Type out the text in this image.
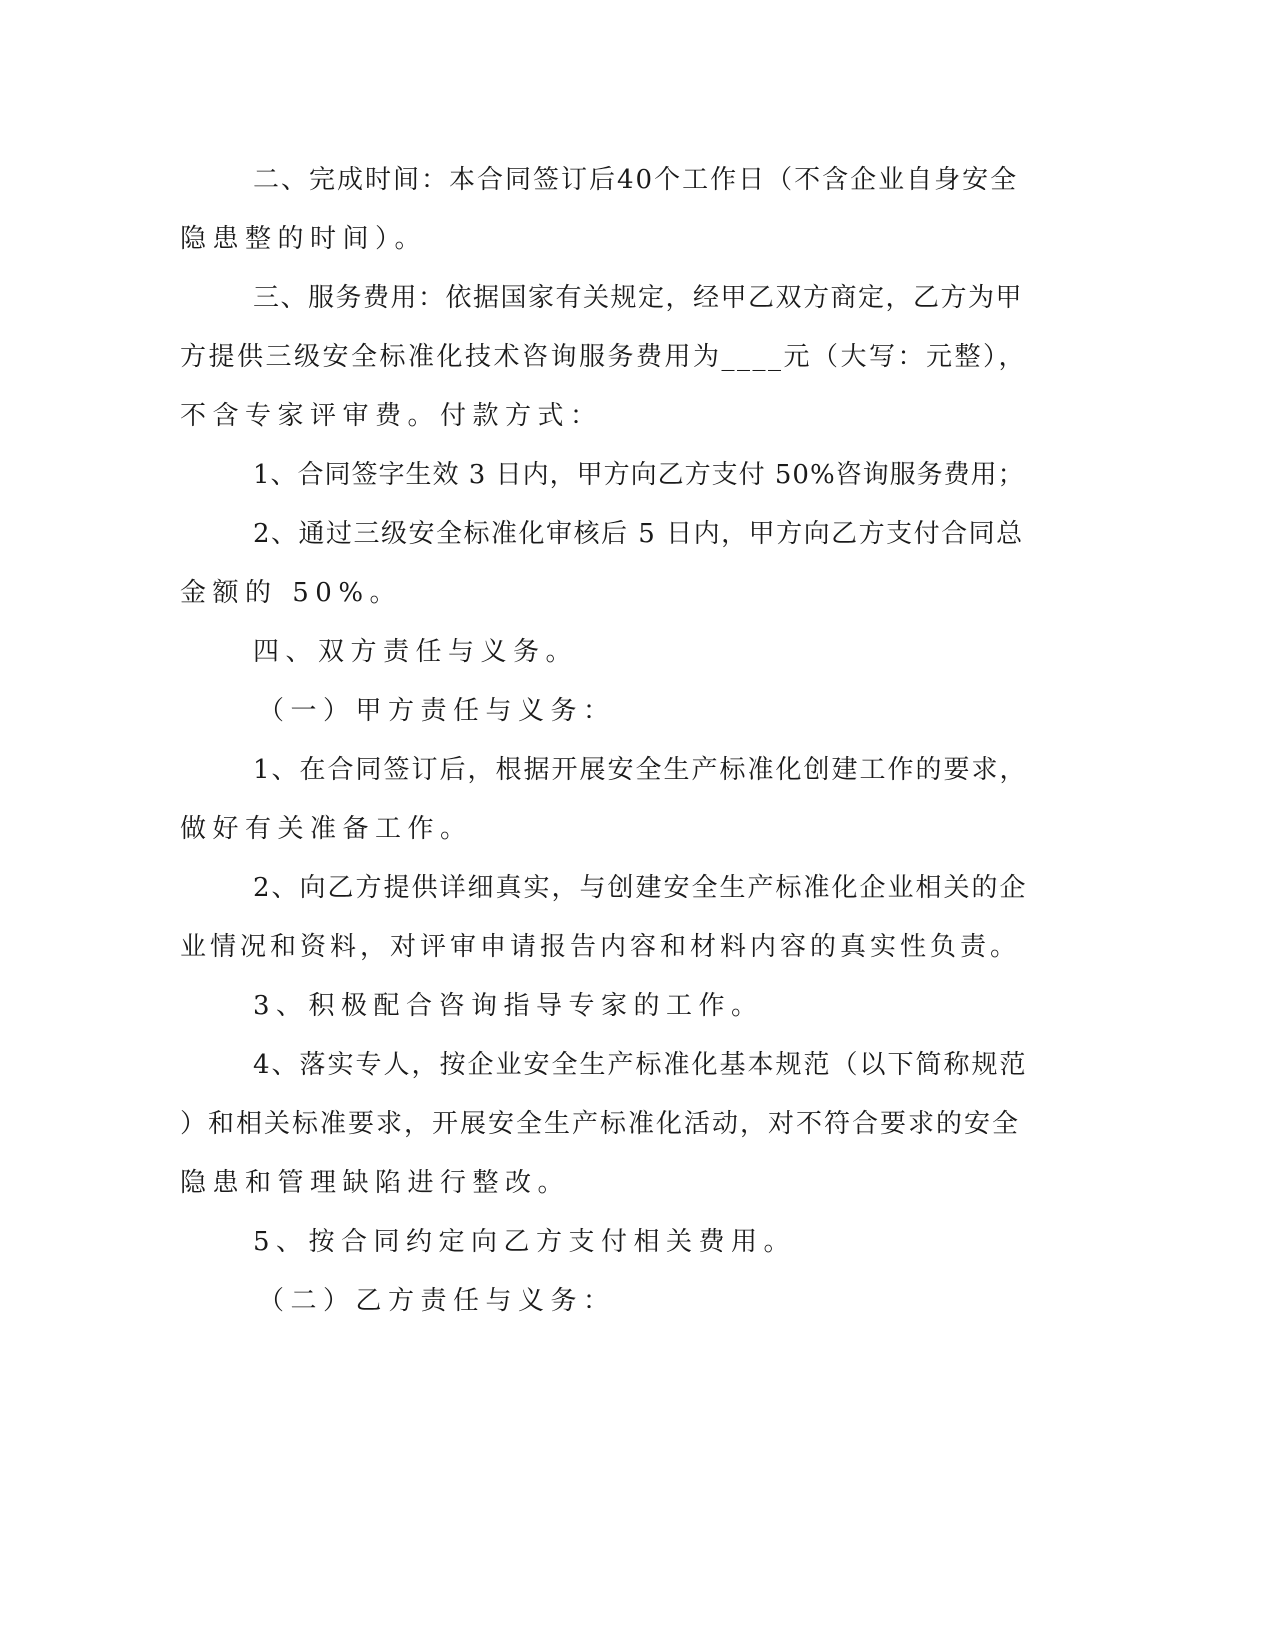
二、完成时间：本合同签订后40个工作日（不含企业自身安全
隐患整的时间）。
三、服务费用：依据国家有关规定，经甲乙双方商定，乙方为甲
方提供三级安全标准化技术咨询服务费用为____元（大写：元整），
不含专家评审费。付款方式：
1、合同签字生效 3 日内，甲方向乙方支付 50%咨询服务费用；
2、通过三级安全标准化审核后 5 日内，甲方向乙方支付合同总
金额的 50%。
四、双方责任与义务。
（一）甲方责任与义务：
1、在合同签订后，根据开展安全生产标准化创建工作的要求，
做好有关准备工作。
2、向乙方提供详细真实，与创建安全生产标准化企业相关的企
业情况和资料，对评审申请报告内容和材料内容的真实性负责。
3、积极配合咨询指导专家的工作。
4、落实专人，按企业安全生产标准化基本规范（以下简称规范
）和相关标准要求，开展安全生产标准化活动，对不符合要求的安全
隐患和管理缺陷进行整改。
5、按合同约定向乙方支付相关费用。
（二）乙方责任与义务：
